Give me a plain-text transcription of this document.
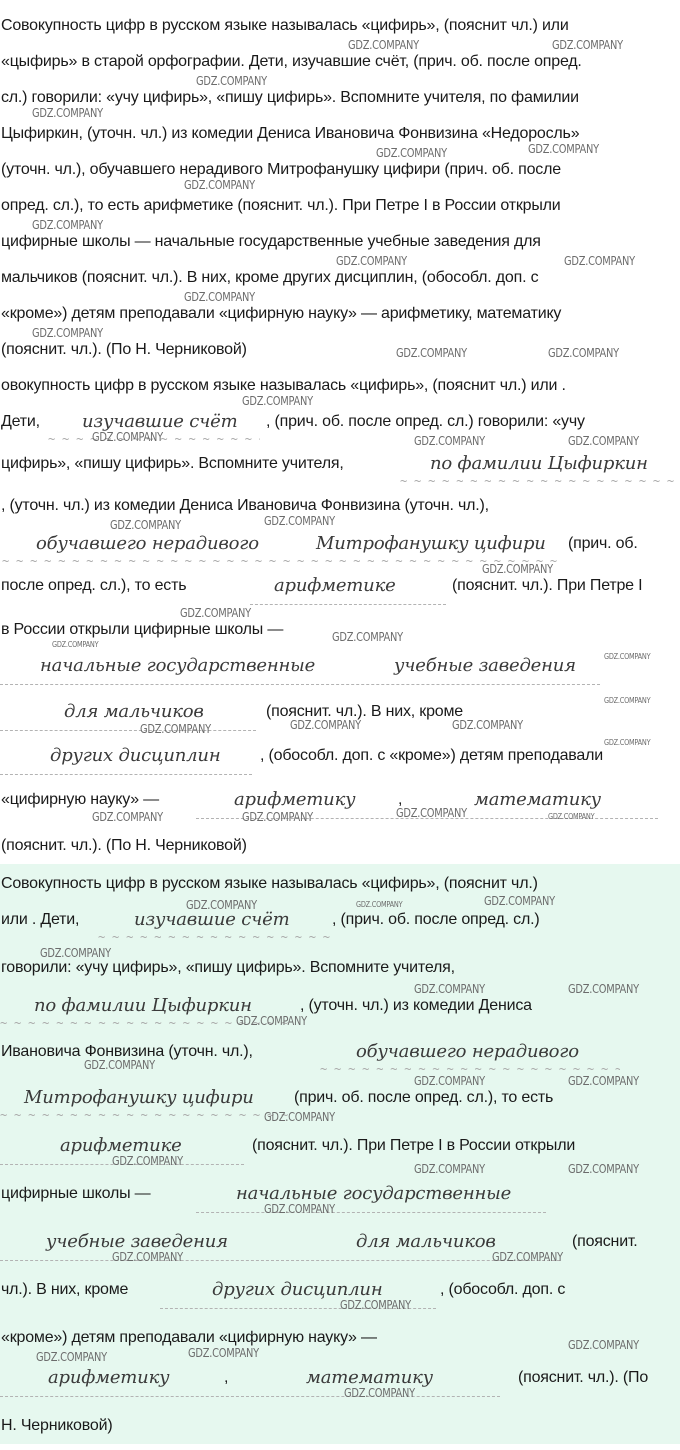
Совокупность цифр в русском языке называлась «цифирь», (пояснит чл.) или
«цыфирь» в старой орфографии. Дети, изучавшие счёт, (прич. об. после опред.
сл.) говорили: «учу цифирь», «пишу цифирь». Вспомните учителя, по фамилии
Цыфиркин, (уточн. чл.) из комедии Дениса Ивановича Фонвизина «Недоросль»
(уточн. чл.), обучавшего нерадивого Митрофанушку цифири (прич. об. после
опред. сл.), то есть арифметике (пояснит. чл.). При Петре I в России открыли
цифирные школы — начальные государственные учебные заведения для
мальчиков (пояснит. чл.). В них, кроме других дисциплин, (обособл. доп. с
«кроме») детям преподавали «цифирную науку» — арифметику, математику
(пояснит. чл.). (По Н. Черниковой)
GDZ.COMPANY	GDZ.COMPANY
GDZ.COMPANY
GDZ.COMPANY
GDZ.COMPANY	GDZ.COMPANY
GDZ.COMPANY
GDZ.COMPANY
GDZ.COMPANY	GDZ.COMPANY
GDZ.COMPANY
GDZ.COMPANY
GDZ.COMPANY	GDZ.COMPANY
овокупность цифр в русском языке называлась «цифирь», (пояснит чл.) или .
Дети, изучавшие счёт
~ ~ ~ , (прич. об. после опред. сл.) говорили: «учу
цифирь», «пишу цифирь». Вспомните учителя,	по фамилии Цыфиркин
~ ~ ~
, (уточн. чл.) из комедии Дениса Ивановича Фонвизина (уточн. чл.),
обучавшего нерадивого	Митрофанушку цифири
~ ~ ~ (прич. об.
после опред. сл.), то есть	арифметике	(пояснит. чл.). При Петре I
в России открыли цифирные школы —
начальные государственные	учебные заведения
для мальчиков	(пояснит. чл.). В них, кроме
других дисциплин , (обособл. доп. с «кроме») детям преподавали
«цифирную науку» —	арифметику	,	математику
(пояснит. чл.). (По Н. Черниковой)
GDZ.COMPANY
GDZ.COMPANY	GDZ.COMPANY	GDZ.COMPANY
GDZ.COMPANY	GDZ.COMPANY
GDZ.COMPANY
GDZ.COMPANY
GDZ.COMPANY
GDZ.COMPANY
GDZ.COMPANY
GDZ.COMPANY
GDZ.COMPANY	GDZ.COMPANY	GDZ.COMPANY
GDZ.COMPANY
GDZ.COMPANY	GDZ.COMPANY	GDZ.COMPANY	GDZ.COMPANY
Совокупность цифр в русском языке называлась «цифирь», (пояснит чл.)
или . Дети,	изучавшие счёт
~ ~ ~	, (прич. об. после опред. сл.)
говорили: «учу цифирь», «пишу цифирь». Вспомните учителя,
по фамилии Цыфиркин
~ ~ ~	, (уточн. чл.) из комедии Дениса
Ивановича Фонвизина (уточн. чл.),	обучавшего нерадивого
~ ~ ~
Митрофанушку цифири
~ ~ ~	(прич. об. после опред. сл.), то есть
арифметике	(пояснит. чл.). При Петре I в России открыли
цифирные школы —	начальные государственные
учебные заведения	для мальчиков	(пояснит.
чл.). В них, кроме	других дисциплин	, (обособл. доп. с
«кроме») детям преподавали «цифирную науку» —
арифметику	,	математику	(пояснит. чл.). (По
Н. Черниковой)
GDZ.COMPANY	GDZ.COMPANY	GDZ.COMPANY
GDZ.COMPANY
GDZ.COMPANY	GDZ.COMPANY
GDZ.COMPANY
GDZ.COMPANY
GDZ.COMPANY	GDZ.COMPANY
GDZ.COMPANY
GDZ.COMPANY
GDZ.COMPANY	GDZ.COMPANY
GDZ.COMPANY
GDZ.COMPANY	GDZ.COMPANY
GDZ.COMPANY
GDZ.COMPANY
GDZ.COMPANY	GDZ.COMPANY
GDZ.COMPANY
